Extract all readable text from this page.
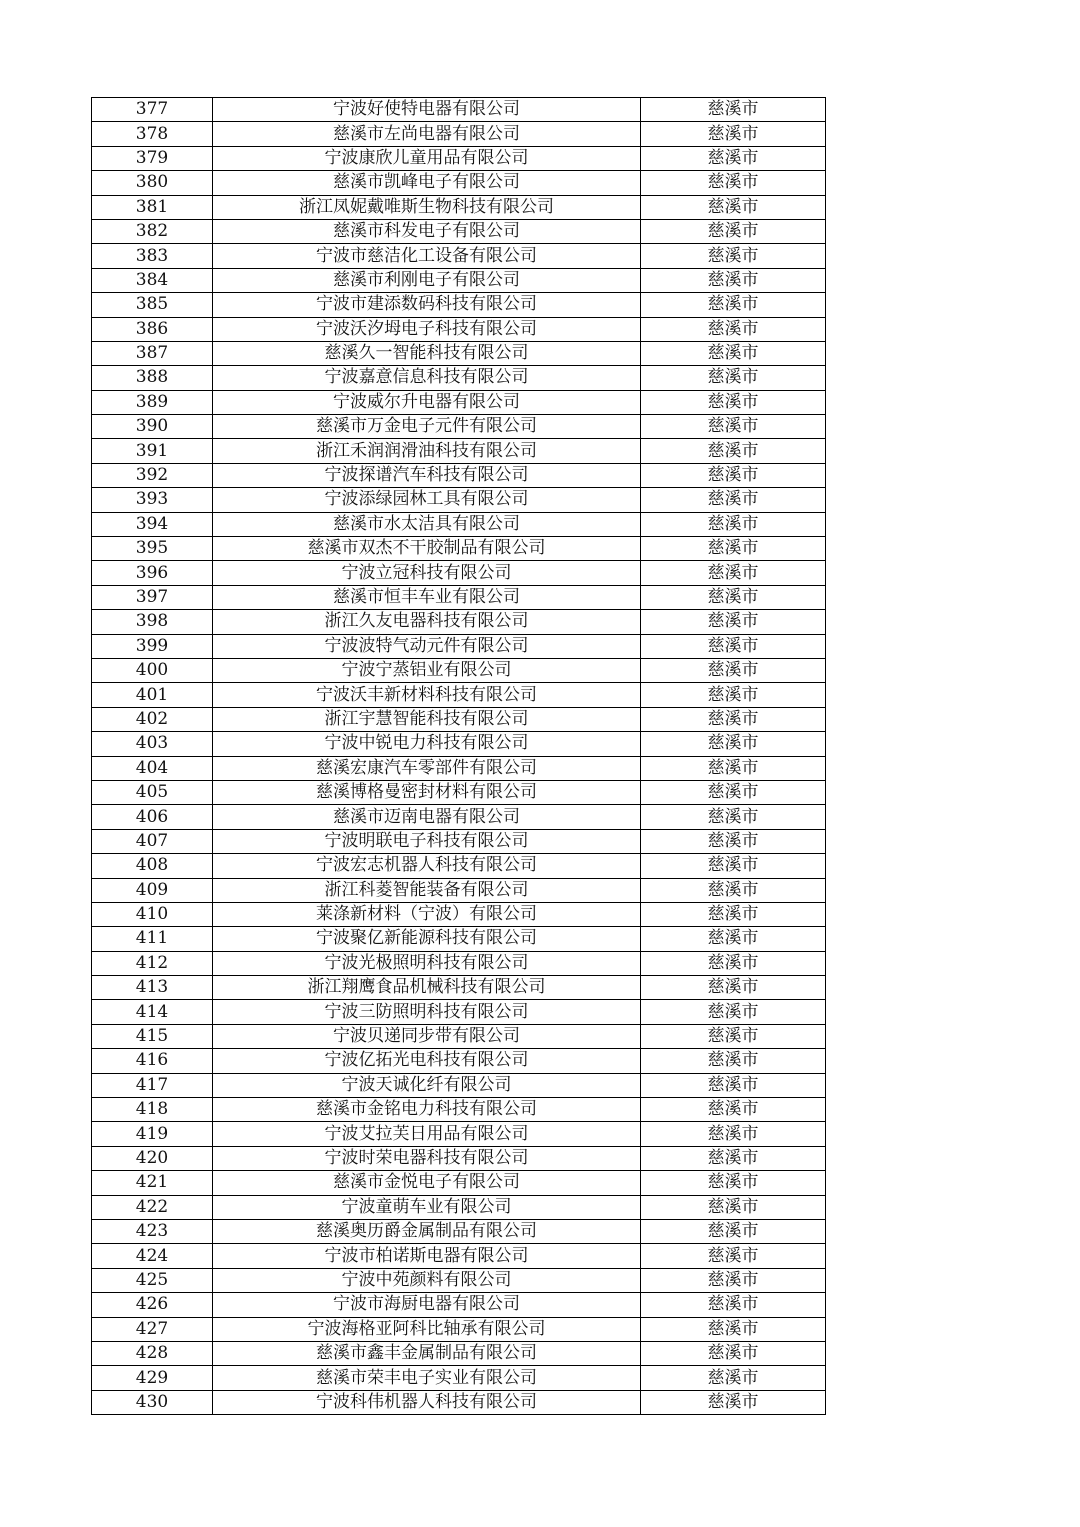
377	宁波好使特电器有限公司	慈溪市
378	慈溪市左尚电器有限公司	慈溪市
379	宁波康欣儿童用品有限公司	慈溪市
380	慈溪市凯峰电子有限公司	慈溪市
381	浙江凤妮戴唯斯生物科技有限公司	慈溪市
382	慈溪市科发电子有限公司	慈溪市
383	宁波市慈洁化工设备有限公司	慈溪市
384	慈溪市利刚电子有限公司	慈溪市
385	宁波市建添数码科技有限公司	慈溪市
386	宁波沃汐坶电子科技有限公司	慈溪市
387	慈溪久一智能科技有限公司	慈溪市
388	宁波嘉意信息科技有限公司	慈溪市
389	宁波威尔升电器有限公司	慈溪市
390	慈溪市万金电子元件有限公司	慈溪市
391	浙江禾润润滑油科技有限公司	慈溪市
392	宁波探谱汽车科技有限公司	慈溪市
393	宁波添绿园林工具有限公司	慈溪市
394	慈溪市水太洁具有限公司	慈溪市
395	慈溪市双杰不干胶制品有限公司	慈溪市
396	宁波立冠科技有限公司	慈溪市
397	慈溪市恒丰车业有限公司	慈溪市
398	浙江久友电器科技有限公司	慈溪市
399	宁波波特气动元件有限公司	慈溪市
400	宁波宁蒸铝业有限公司	慈溪市
401	宁波沃丰新材料科技有限公司	慈溪市
402	浙江宇慧智能科技有限公司	慈溪市
403	宁波中锐电力科技有限公司	慈溪市
404	慈溪宏康汽车零部件有限公司	慈溪市
405	慈溪博格曼密封材料有限公司	慈溪市
406	慈溪市迈南电器有限公司	慈溪市
407	宁波明联电子科技有限公司	慈溪市
408	宁波宏志机器人科技有限公司	慈溪市
409	浙江科菱智能装备有限公司	慈溪市
410	莱涤新材料（宁波）有限公司	慈溪市
411	宁波聚亿新能源科技有限公司	慈溪市
412	宁波光极照明科技有限公司	慈溪市
413	浙江翔鹰食品机械科技有限公司	慈溪市
414	宁波三防照明科技有限公司	慈溪市
415	宁波贝递同步带有限公司	慈溪市
416	宁波亿拓光电科技有限公司	慈溪市
417	宁波天诚化纤有限公司	慈溪市
418	慈溪市金铭电力科技有限公司	慈溪市
419	宁波艾拉芙日用品有限公司	慈溪市
420	宁波时荣电器科技有限公司	慈溪市
421	慈溪市金悦电子有限公司	慈溪市
422	宁波童萌车业有限公司	慈溪市
423	慈溪奥历爵金属制品有限公司	慈溪市
424	宁波市柏诺斯电器有限公司	慈溪市
425	宁波中苑颜料有限公司	慈溪市
426	宁波市海厨电器有限公司	慈溪市
427	宁波海格亚阿科比轴承有限公司	慈溪市
428	慈溪市鑫丰金属制品有限公司	慈溪市
429	慈溪市荣丰电子实业有限公司	慈溪市
430	宁波科伟机器人科技有限公司	慈溪市
